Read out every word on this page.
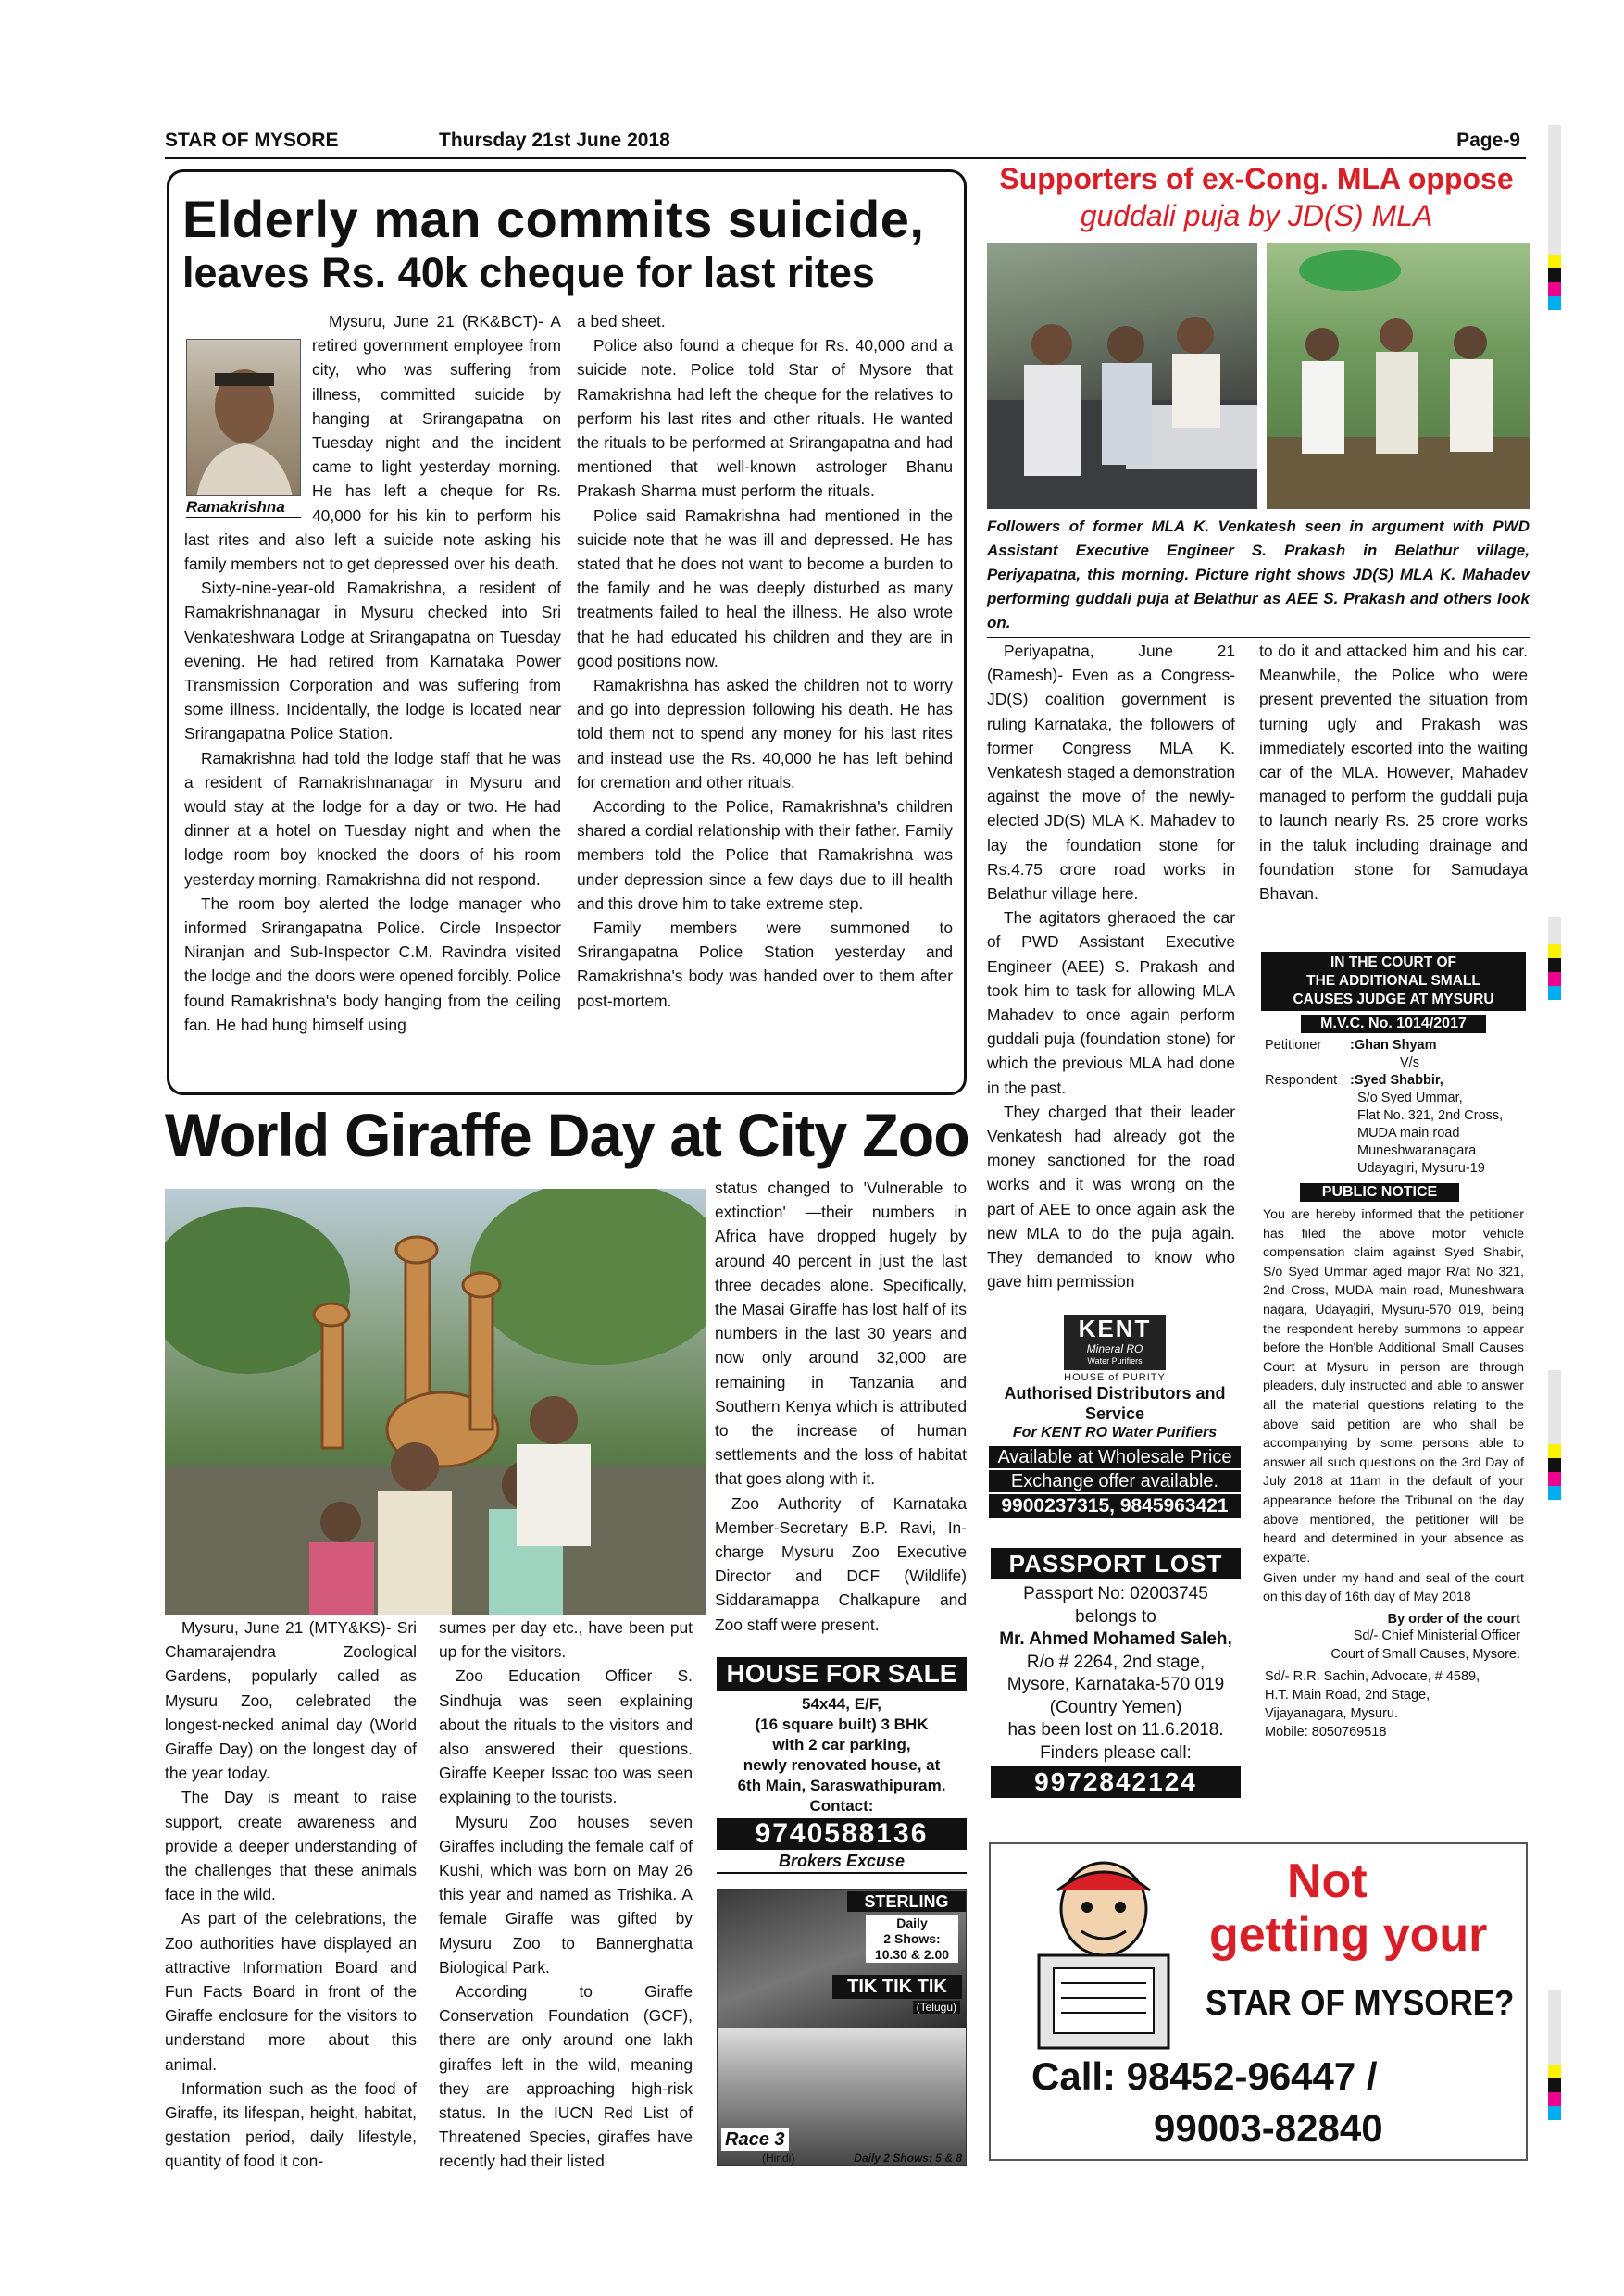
STAR OF MYSORE	Thursday 21st June 2018	Page-9
Elderly man commits suicide,
leaves Rs. 40k cheque for last rites
Ramakrishna

Mysuru, June 21 (RK&BCT)- A retired government employee from city, who was suffering from illness, committed suicide by hanging at Srirangapatna on Tuesday night and the incident came to light yesterday morning. He has left a cheque for Rs. 40,000 for his kin to perform his last rites and also left a suicide note asking his family members not to get depressed over his death.

Sixty-nine-year-old Ramakrishna, a resident of Ramakrishnanagar in Mysuru checked into Sri Venkateshwara Lodge at Srirangapatna on Tuesday evening. He had retired from Karnataka Power Transmission Corporation and was suffering from some illness. Incidentally, the lodge is located near Srirangapatna Police Station.

Ramakrishna had told the lodge staff that he was a resident of Ramakrishnanagar in Mysuru and would stay at the lodge for a day or two. He had dinner at a hotel on Tuesday night and when the lodge room boy knocked the doors of his room yesterday morning, Ramakrishna did not respond.

The room boy alerted the lodge manager who informed Srirangapatna Police. Circle Inspector Niranjan and Sub-Inspector C.M. Ravindra visited the lodge and the doors were opened forcibly. Police found Ramakrishna's body hanging from the ceiling fan. He had hung himself using

a bed sheet.

Police also found a cheque for Rs. 40,000 and a suicide note. Police told Star of Mysore that Ramakrishna had left the cheque for the relatives to perform his last rites and other rituals. He wanted the rituals to be performed at Srirangapatna and had mentioned that well-known astrologer Bhanu Prakash Sharma must perform the rituals.

Police said Ramakrishna had mentioned in the suicide note that he was ill and depressed. He has stated that he does not want to become a burden to the family and he was deeply disturbed as many treatments failed to heal the illness. He also wrote that he had educated his children and they are in good positions now.

Ramakrishna has asked the children not to worry and go into depression following his death. He has told them not to spend any money for his last rites and instead use the Rs. 40,000 he has left behind for cremation and other rituals.

According to the Police, Ramakrishna's children shared a cordial relationship with their father. Family members told the Police that Ramakrishna was under depression since a few days due to ill health and this drove him to take extreme step.

Family members were summoned to Srirangapatna Police Station yesterday and Ramakrishna's body was handed over to them after post-mortem.

Supporters of ex-Cong. MLA oppose
guddali puja by JD(S) MLA
Followers of former MLA K. Venkatesh seen in argument with PWD Assistant Executive Engineer S. Prakash in Belathur village, Periyapatna, this morning. Picture right shows JD(S) MLA K. Mahadev performing guddali puja at Belathur as AEE S. Prakash and others look on.

Periyapatna, June 21 (Ramesh)- Even as a Congress-JD(S) coalition government is ruling Karnataka, the followers of former Congress MLA K. Venkatesh staged a demonstration against the move of the newly-elected JD(S) MLA K. Mahadev to lay the foundation stone for Rs.4.75 crore road works in Belathur village here.

The agitators gheraoed the car of PWD Assistant Executive Engineer (AEE) S. Prakash and took him to task for allowing MLA Mahadev to once again perform guddali puja (foundation stone) for which the previous MLA had done in the past.

They charged that their leader Venkatesh had already got the money sanctioned for the road works and it was wrong on the part of AEE to once again ask the new MLA to do the puja again. They demanded to know who gave him permission

to do it and attacked him and his car. Meanwhile, the Police who were present prevented the situation from turning ugly and Prakash was immediately escorted into the waiting car of the MLA. However, Mahadev managed to perform the guddali puja to launch nearly Rs. 25 crore works in the taluk including drainage and foundation stone for Samudaya Bhavan.

IN THE COURT OF
THE ADDITIONAL SMALL
CAUSES JUDGE AT MYSURU
M.V.C. No. 1014/2017
Petitioner :Ghan Shyam
V/s
Respondent :Syed Shabbir,
S/o Syed Ummar,
Flat No. 321, 2nd Cross,
MUDA main road
Muneshwaranagara
Udayagiri, Mysuru-19
PUBLIC NOTICE
You are hereby informed that the petitioner has filed the above motor vehicle compensation claim against Syed Shabir, S/o Syed Ummar aged major R/at No 321, 2nd Cross, MUDA main road, Muneshwara nagara, Udayagiri, Mysuru-570 019, being the respondent hereby summons to appear before the Hon'ble Additional Small Causes Court at Mysuru in person are through pleaders, duly instructed and able to answer all the material questions relating to the above said petition are who shall be accompanying by some persons able to answer all such questions on the 3rd Day of July 2018 at 11am in the default of your appearance before the Tribunal on the day above mentioned, the petitioner will be heard and determined in your absence as exparte.
Given under my hand and seal of the court on this day of 16th day of May 2018
By order of the court
Sd/- Chief Ministerial Officer
Court of Small Causes, Mysore.
Sd/- R.R. Sachin, Advocate, # 4589,
H.T. Main Road, 2nd Stage,
Vijayanagara, Mysuru.
Mobile: 8050769518
World Giraffe Day at City Zoo

Mysuru, June 21 (MTY&KS)- Sri Chamarajendra Zoological Gardens, popularly called as Mysuru Zoo, celebrated the longest-necked animal day (World Giraffe Day) on the longest day of the year today.

The Day is meant to raise support, create awareness and provide a deeper understanding of the challenges that these animals face in the wild.

As part of the celebrations, the Zoo authorities have displayed an attractive Information Board and Fun Facts Board in front of the Giraffe enclosure for the visitors to understand more about this animal.

Information such as the food of Giraffe, its lifespan, height, habitat, gestation period, daily lifestyle, quantity of food it con-

sumes per day etc., have been put up for the visitors.

Zoo Education Officer S. Sindhuja was seen explaining about the rituals to the visitors and also answered their questions. Giraffe Keeper Issac too was seen explaining to the tourists.

Mysuru Zoo houses seven Giraffes including the female calf of Kushi, which was born on May 26 this year and named as Trishika. A female Giraffe was gifted by Mysuru Zoo to Bannerghatta Biological Park.

According to Giraffe Conservation Foundation (GCF), there are only around one lakh giraffes left in the wild, meaning they are approaching high-risk status. In the IUCN Red List of Threatened Species, giraffes have recently had their listed

status changed to 'Vulnerable to extinction' —their numbers in Africa have dropped hugely by around 40 percent in just the last three decades alone. Specifically, the Masai Giraffe has lost half of its numbers in the last 30 years and now only around 32,000 are remaining in Tanzania and Southern Kenya which is attributed to the increase of human settlements and the loss of habitat that goes along with it.

Zoo Authority of Karnataka Member-Secretary B.P. Ravi, In-charge Mysuru Zoo Executive Director and DCF (Wildlife) Siddaramappa Chalkapure and Zoo staff were present.

KENT
Mineral RO
Water Purifiers
HOUSE of PURITY
Authorised Distributors and Service
For KENT RO Water Purifiers
Available at Wholesale Price
Exchange offer available.
9900237315, 9845963421
PASSPORT LOST
Passport No: 02003745
belongs to
Mr. Ahmed Mohamed Saleh,
R/o # 2264, 2nd stage,
Mysore, Karnataka-570 019
(Country Yemen)
has been lost on 11.6.2018.
Finders please call:
9972842124
HOUSE FOR SALE
54x44, E/F,
(16 square built) 3 BHK
with 2 car parking,
newly renovated house, at
6th Main, Saraswathipuram.
Contact:
9740588136
Brokers Excuse
STERLING
Daily
2 Shows:
10.30 & 2.00
TIK TIK TIK
(Telugu)
Race 3
(Hindi)	Daily 2 Shows: 5 & 8
Not
getting your
STAR OF MYSORE?
Call: 98452-96447 /
99003-82840
